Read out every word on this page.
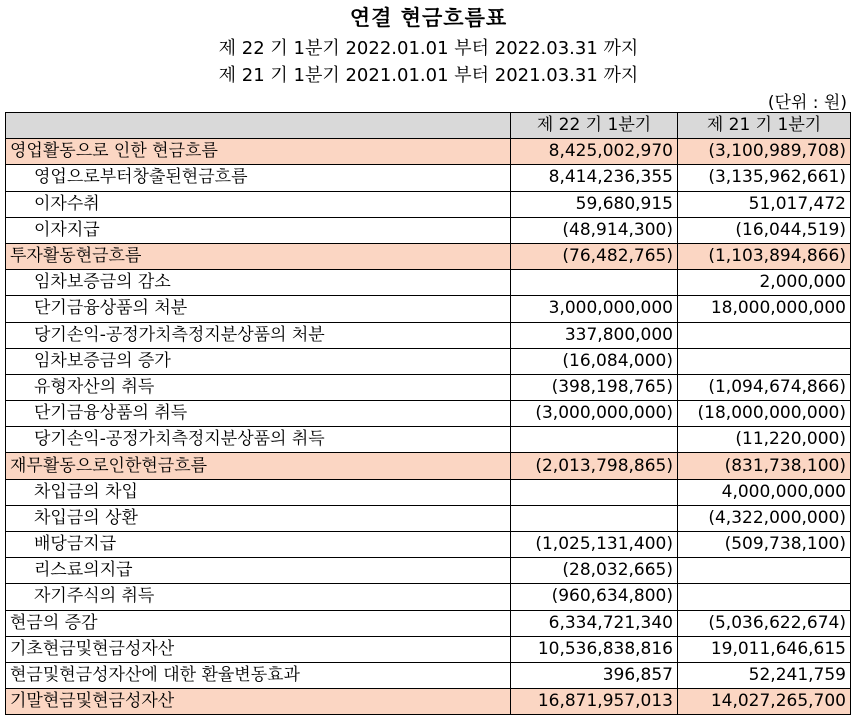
연결 현금흐름표
제 22 기 1분기 2022.01.01 부터 2022.03.31 까지
제 21 기 1분기 2021.01.01 부터 2021.03.31 까지
(단위 : 원)
	제 22 기 1분기	제 21 기 1분기
영업활동으로 인한 현금흐름	8,425,002,970	(3,100,989,708)
영업으로부터창출된현금흐름	8,414,236,355	(3,135,962,661)
이자수취	59,680,915	51,017,472
이자지급	(48,914,300)	(16,044,519)
투자활동현금흐름	(76,482,765)	(1,103,894,866)
임차보증금의 감소		2,000,000
단기금융상품의 처분	3,000,000,000	18,000,000,000
당기손익-공정가치측정지분상품의 처분	337,800,000	
임차보증금의 증가	(16,084,000)	
유형자산의 취득	(398,198,765)	(1,094,674,866)
단기금융상품의 취득	(3,000,000,000)	(18,000,000,000)
당기손익-공정가치측정지분상품의 취득		(11,220,000)
재무활동으로인한현금흐름	(2,013,798,865)	(831,738,100)
차입금의 차입		4,000,000,000
차입금의 상환		(4,322,000,000)
배당금지급	(1,025,131,400)	(509,738,100)
리스료의지급	(28,032,665)	
자기주식의 취득	(960,634,800)	
현금의 증감	6,334,721,340	(5,036,622,674)
기초현금및현금성자산	10,536,838,816	19,011,646,615
현금및현금성자산에 대한 환율변동효과	396,857	52,241,759
기말현금및현금성자산	16,871,957,013	14,027,265,700
